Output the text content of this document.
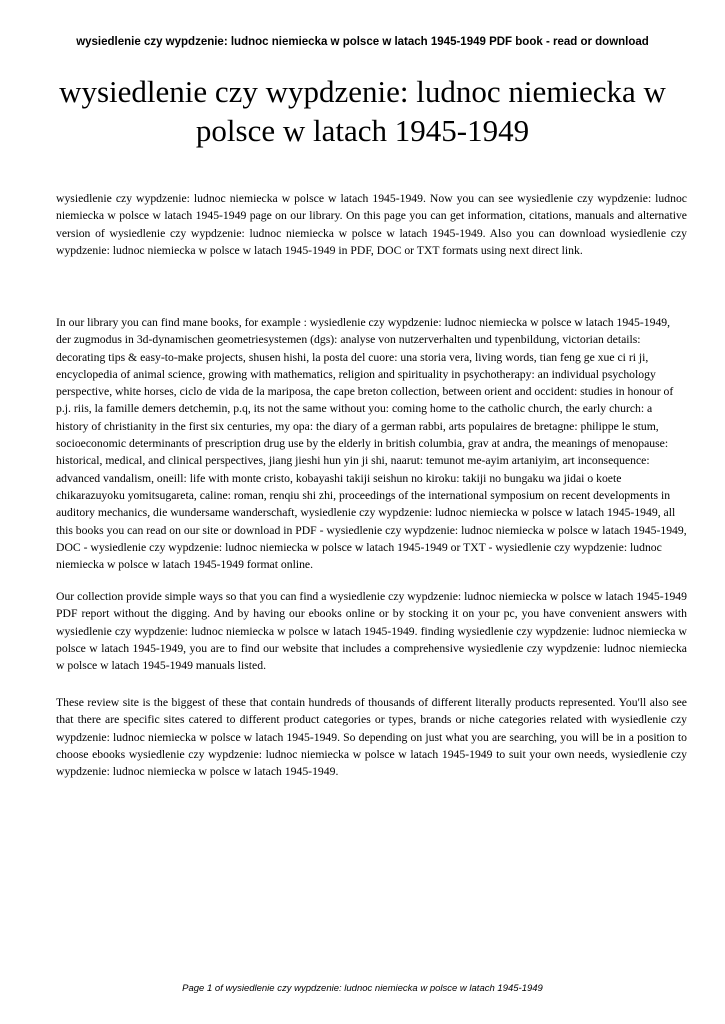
wysiedlenie czy wypdzenie: ludnoc niemiecka w polsce w latach 1945-1949 PDF book - read or download
wysiedlenie czy wypdzenie: ludnoc niemiecka w polsce w latach 1945-1949

wysiedlenie czy wypdzenie: ludnoc niemiecka w polsce w latach 1945-1949. Now you can see wysiedlenie czy wypdzenie: ludnoc niemiecka w polsce w latach 1945-1949 page on our library. On this page you can get information, citations, manuals and alternative version of wysiedlenie czy wypdzenie: ludnoc niemiecka w polsce w latach 1945-1949. Also you can download wysiedlenie czy wypdzenie: ludnoc niemiecka w polsce w latach 1945-1949 in PDF, DOC or TXT formats using next direct link.

In our library you can find mane books, for example : wysiedlenie czy wypdzenie: ludnoc niemiecka w polsce w latach 1945-1949, der zugmodus in 3d-dynamischen geometriesystemen (dgs): analyse von nutzerverhalten und typenbildung, victorian details: decorating tips & easy-to-make projects, shusen hishi, la posta del cuore: una storia vera, living words, tian feng ge xue ci ri ji, encyclopedia of animal science, growing with mathematics, religion and spirituality in psychotherapy: an individual psychology perspective, white horses, ciclo de vida de la mariposa, the cape breton collection, between orient and occident: studies in honour of p.j. riis, la famille demers detchemin, p.q, its not the same without you: coming home to the catholic church, the early church: a history of christianity in the first six centuries, my opa: the diary of a german rabbi, arts populaires de bretagne: philippe le stum, socioeconomic determinants of prescription drug use by the elderly in british columbia, grav at andra, the meanings of menopause: historical, medical, and clinical perspectives, jiang jieshi hun yin ji shi, naarut: temunot me-ayim artaniyim, art inconsequence: advanced vandalism, oneill: life with monte cristo, kobayashi takiji seishun no kiroku: takiji no bungaku wa jidai o koete chikarazuyoku yomitsugareta, caline: roman, renqiu shi zhi, proceedings of the international symposium on recent developments in auditory mechanics, die wundersame wanderschaft, wysiedlenie czy wypdzenie: ludnoc niemiecka w polsce w latach 1945-1949, all this books you can read on our site or download in PDF - wysiedlenie czy wypdzenie: ludnoc niemiecka w polsce w latach 1945-1949, DOC - wysiedlenie czy wypdzenie: ludnoc niemiecka w polsce w latach 1945-1949 or TXT - wysiedlenie czy wypdzenie: ludnoc niemiecka w polsce w latach 1945-1949 format online.

Our collection provide simple ways so that you can find a wysiedlenie czy wypdzenie: ludnoc niemiecka w polsce w latach 1945-1949 PDF report without the digging. And by having our ebooks online or by stocking it on your pc, you have convenient answers with wysiedlenie czy wypdzenie: ludnoc niemiecka w polsce w latach 1945-1949. finding wysiedlenie czy wypdzenie: ludnoc niemiecka w polsce w latach 1945-1949, you are to find our website that includes a comprehensive wysiedlenie czy wypdzenie: ludnoc niemiecka w polsce w latach 1945-1949 manuals listed.

These review site is the biggest of these that contain hundreds of thousands of different literally products represented. You'll also see that there are specific sites catered to different product categories or types, brands or niche categories related with wysiedlenie czy wypdzenie: ludnoc niemiecka w polsce w latach 1945-1949. So depending on just what you are searching, you will be in a position to choose ebooks wysiedlenie czy wypdzenie: ludnoc niemiecka w polsce w latach 1945-1949 to suit your own needs, wysiedlenie czy wypdzenie: ludnoc niemiecka w polsce w latach 1945-1949.

Page 1 of wysiedlenie czy wypdzenie: ludnoc niemiecka w polsce w latach 1945-1949
